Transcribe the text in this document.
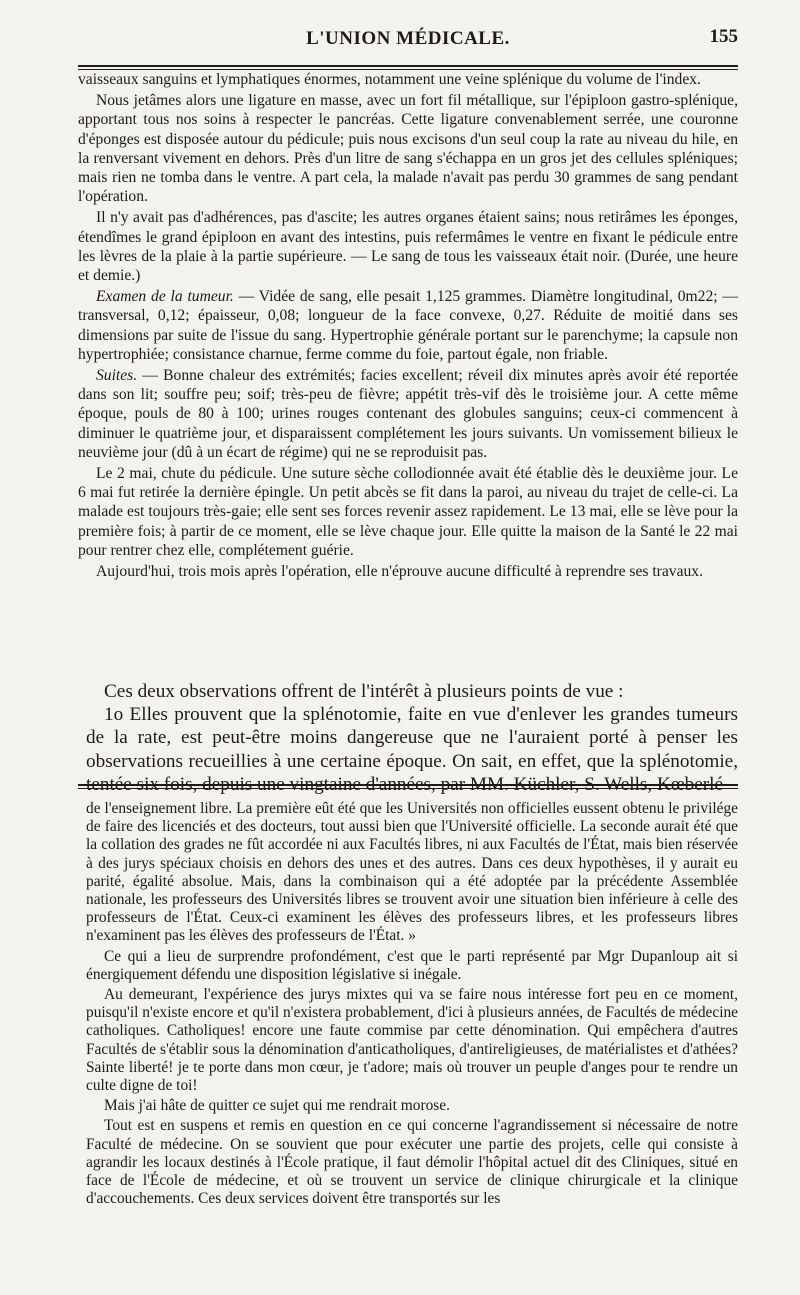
L'UNION MÉDICALE.	155

vaisseaux sanguins et lymphatiques énormes, notamment une veine splénique du volume de l'index.

Nous jetâmes alors une ligature en masse, avec un fort fil métallique, sur l'épiploon gastro-splénique, apportant tous nos soins à respecter le pancréas. Cette ligature convenablement serrée, une couronne d'éponges est disposée autour du pédicule; puis nous excisons d'un seul coup la rate au niveau du hile, en la renversant vivement en dehors. Près d'un litre de sang s'échappa en un gros jet des cellules spléniques; mais rien ne tomba dans le ventre. A part cela, la malade n'avait pas perdu 30 grammes de sang pendant l'opération.

Il n'y avait pas d'adhérences, pas d'ascite; les autres organes étaient sains; nous retirâmes les éponges, étendîmes le grand épiploon en avant des intestins, puis refermâmes le ventre en fixant le pédicule entre les lèvres de la plaie à la partie supérieure. — Le sang de tous les vaisseaux était noir. (Durée, une heure et demie.)

Examen de la tumeur. — Vidée de sang, elle pesait 1,125 grammes. Diamètre longitudinal, 0m22; — transversal, 0,12; épaisseur, 0,08; longueur de la face convexe, 0,27. Réduite de moitié dans ses dimensions par suite de l'issue du sang. Hypertrophie générale portant sur le parenchyme; la capsule non hypertrophiée; consistance charnue, ferme comme du foie, partout égale, non friable.

Suites. — Bonne chaleur des extrémités; facies excellent; réveil dix minutes après avoir été reportée dans son lit; souffre peu; soif; très-peu de fièvre; appétit très-vif dès le troisième jour. A cette même époque, pouls de 80 à 100; urines rouges contenant des globules sanguins; ceux-ci commencent à diminuer le quatrième jour, et disparaissent complétement les jours suivants. Un vomissement bilieux le neuvième jour (dû à un écart de régime) qui ne se reproduisit pas.

Le 2 mai, chute du pédicule. Une suture sèche collodionnée avait été établie dès le deuxième jour. Le 6 mai fut retirée la dernière épingle. Un petit abcès se fit dans la paroi, au niveau du trajet de celle-ci. La malade est toujours très-gaie; elle sent ses forces revenir assez rapidement. Le 13 mai, elle se lève pour la première fois; à partir de ce moment, elle se lève chaque jour. Elle quitte la maison de la Santé le 22 mai pour rentrer chez elle, complétement guérie.

Aujourd'hui, trois mois après l'opération, elle n'éprouve aucune difficulté à reprendre ses travaux.

Ces deux observations offrent de l'intérêt à plusieurs points de vue :

1o Elles prouvent que la splénotomie, faite en vue d'enlever les grandes tumeurs de la rate, est peut-être moins dangereuse que ne l'auraient porté à penser les observations recueillies à une certaine époque. On sait, en effet, que la splénotomie, tentée six fois, depuis une vingtaine d'années, par MM. Küchler, S. Wells, Kœberlé

de l'enseignement libre. La première eût été que les Universités non officielles eussent obtenu le privilége de faire des licenciés et des docteurs, tout aussi bien que l'Université officielle. La seconde aurait été que la collation des grades ne fût accordée ni aux Facultés libres, ni aux Facultés de l'État, mais bien réservée à des jurys spéciaux choisis en dehors des unes et des autres. Dans ces deux hypothèses, il y aurait eu parité, égalité absolue. Mais, dans la combinaison qui a été adoptée par la précédente Assemblée nationale, les professeurs des Universités libres se trouvent avoir une situation bien inférieure à celle des professeurs de l'État. Ceux-ci examinent les élèves des professeurs libres, et les professeurs libres n'examinent pas les élèves des professeurs de l'État. »

Ce qui a lieu de surprendre profondément, c'est que le parti représenté par Mgr Dupanloup ait si énergiquement défendu une disposition législative si inégale.

Au demeurant, l'expérience des jurys mixtes qui va se faire nous intéresse fort peu en ce moment, puisqu'il n'existe encore et qu'il n'existera probablement, d'ici à plusieurs années, de Facultés de médecine catholiques. Catholiques! encore une faute commise par cette dénomination. Qui empêchera d'autres Facultés de s'établir sous la dénomination d'anticatholiques, d'antireligieuses, de matérialistes et d'athées? Sainte liberté! je te porte dans mon cœur, je t'adore; mais où trouver un peuple d'anges pour te rendre un culte digne de toi!

Mais j'ai hâte de quitter ce sujet qui me rendrait morose.

Tout est en suspens et remis en question en ce qui concerne l'agrandissement si nécessaire de notre Faculté de médecine. On se souvient que pour exécuter une partie des projets, celle qui consiste à agrandir les locaux destinés à l'École pratique, il faut démolir l'hôpital actuel dit des Cliniques, situé en face de l'École de médecine, et où se trouvent un service de clinique chirurgicale et la clinique d'accouchements. Ces deux services doivent être transportés sur les
